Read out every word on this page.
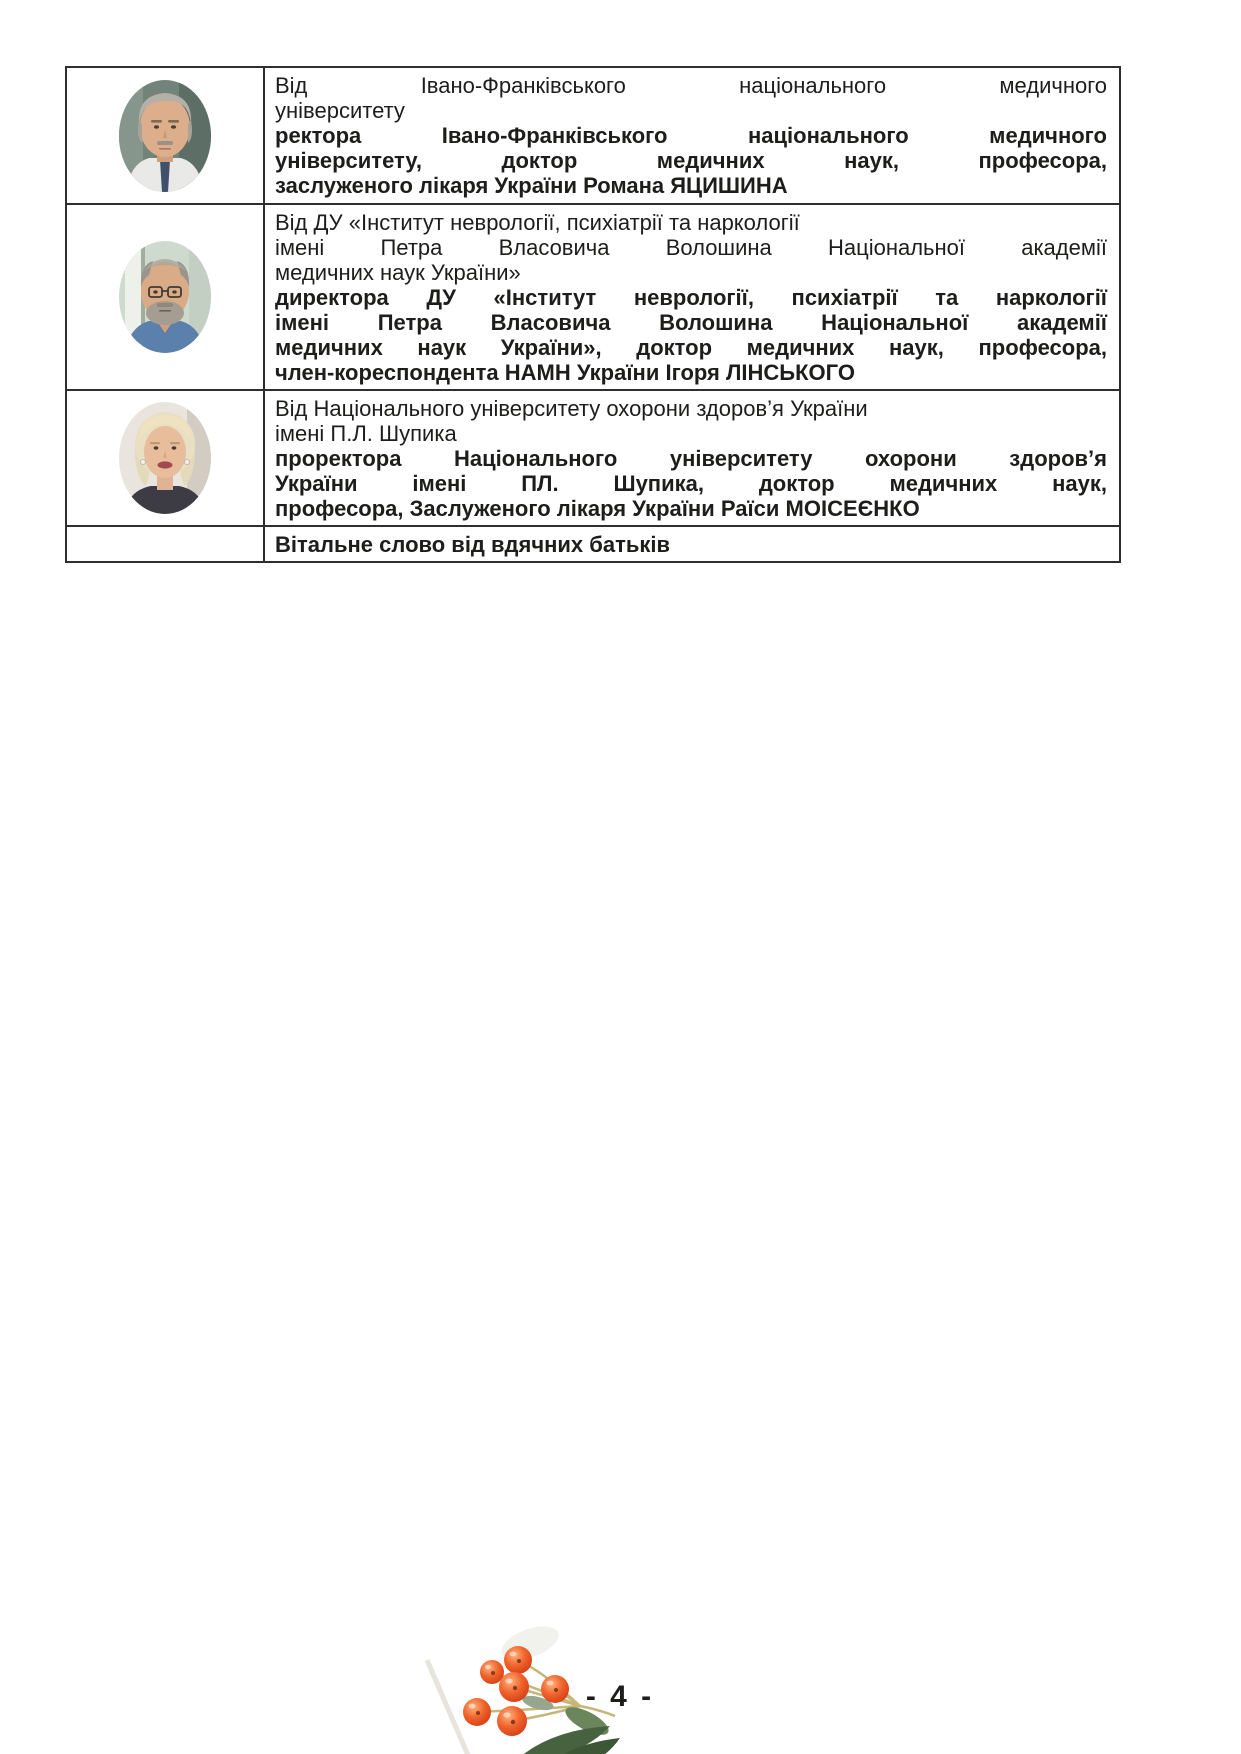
Від Івано-Франківського національного медичного
університету
ректора Івано-Франківського національного медичного
університету, доктор медичних наук, професора,
заслуженого лікаря України Романа ЯЦИШИНА
Від ДУ «Інститут неврології, психіатрії та наркології
імені Петра Власовича Волошина Національної академії
медичних наук України»
директора ДУ «Інститут неврології, психіатрії та наркології
імені Петра Власовича Волошина Національної академії
медичних наук України», доктор медичних наук, професора,
член-кореспондента НАМН України Ігоря ЛІНСЬКОГО
Від Національного університету охорони здоров’я України
імені П.Л. Шупика
проректора Національного університету охорони здоров’я
України імені ПЛ. Шупика, доктор медичних наук,
професора, Заслуженого лікаря України Раїси МОІСЕЄНКО
Вітальне слово від вдячних батьків
- 4 -
